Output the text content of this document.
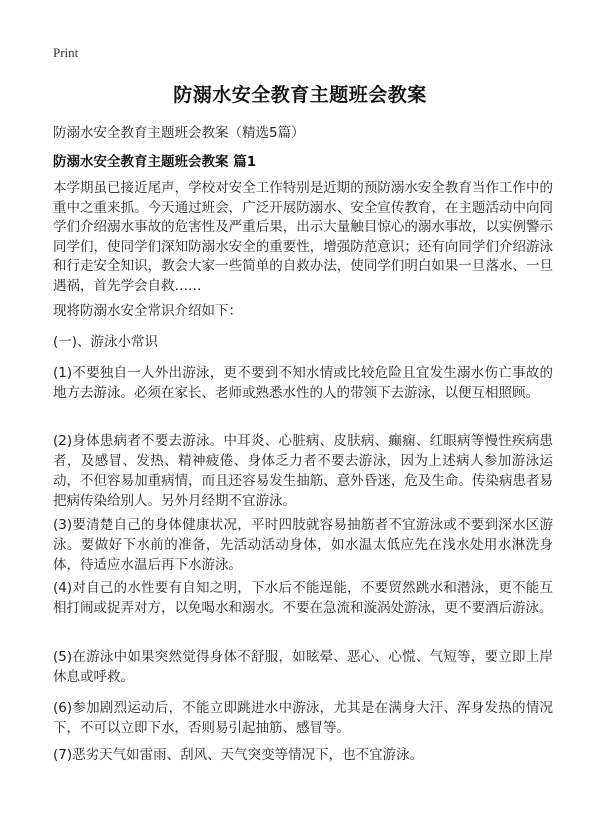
Print
防溺水安全教育主题班会教案
防溺水安全教育主题班会教案（精选5篇）
防溺水安全教育主题班会教案 篇1

本学期虽已接近尾声，学校对安全工作特别是近期的预防溺水安全教育当作工作中的重中之重来抓。今天通过班会，广泛开展防溺水、安全宣传教育，在主题活动中向同学们介绍溺水事故的危害性及严重后果，出示大量触目惊心的溺水事故，以实例警示同学们，使同学们深知防溺水安全的重要性，增强防范意识；还有向同学们介绍游泳和行走安全知识，教会大家一些简单的自救办法，使同学们明白如果一旦落水、一旦遇祸，首先学会自救……

现将防溺水安全常识介绍如下：

(一)、游泳小常识

(1)不要独自一人外出游泳，更不要到不知水情或比较危险且宜发生溺水伤亡事故的地方去游泳。必须在家长、老师或熟悉水性的人的带领下去游泳，以便互相照顾。

(2)身体患病者不要去游泳。中耳炎、心脏病、皮肤病、癫痫、红眼病等慢性疾病患者，及感冒、发热、精神疲倦、身体乏力者不要去游泳，因为上述病人参加游泳运动，不但容易加重病情，而且还容易发生抽筋、意外昏迷，危及生命。传染病患者易把病传染给别人。另外月经期不宜游泳。

(3)要清楚自己的身体健康状况，平时四肢就容易抽筋者不宜游泳或不要到深水区游泳。要做好下水前的准备，先活动活动身体，如水温太低应先在浅水处用水淋洗身体，待适应水温后再下水游泳。

(4)对自己的水性要有自知之明，下水后不能逞能，不要贸然跳水和潜泳，更不能互相打闹或捉弄对方，以免喝水和溺水。不要在急流和漩涡处游泳，更不要酒后游泳。

(5)在游泳中如果突然觉得身体不舒服，如眩晕、恶心、心慌、气短等，要立即上岸休息或呼救。

(6)参加剧烈运动后，不能立即跳进水中游泳，尤其是在满身大汗、浑身发热的情况下，不可以立即下水，否则易引起抽筋、感冒等。

(7)恶劣天气如雷雨、刮风、天气突变等情况下，也不宜游泳。
